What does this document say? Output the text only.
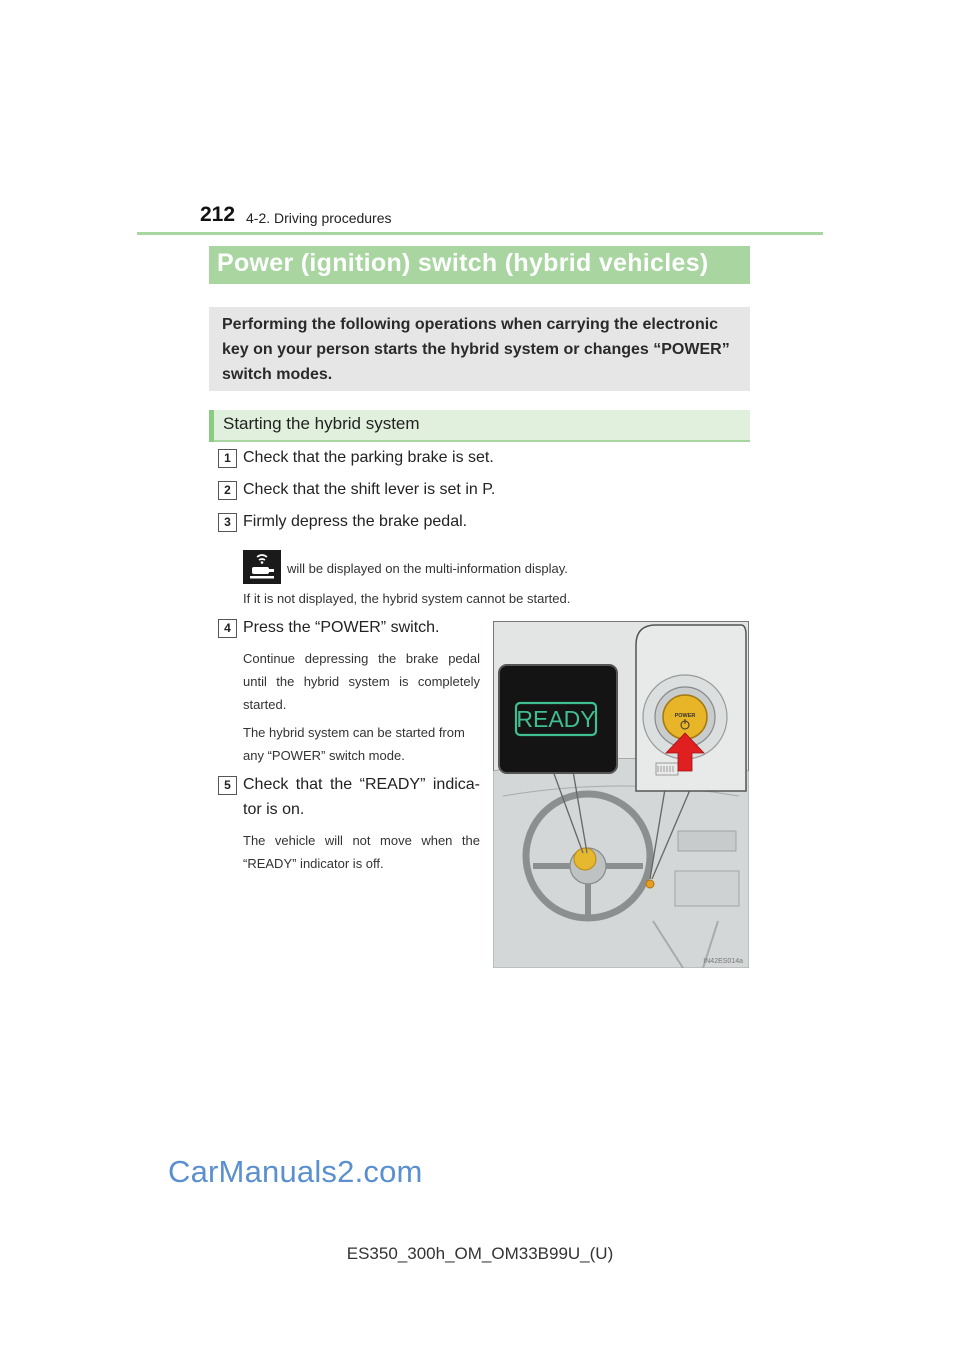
212 4-2. Driving procedures
Power (ignition) switch (hybrid vehicles)
Performing the following operations when carrying the electronic key on your person starts the hybrid system or changes “POWER” switch modes.
Starting the hybrid system
1 Check that the parking brake is set.
2 Check that the shift lever is set in P.
3 Firmly depress the brake pedal.
will be displayed on the multi-information display.
If it is not displayed, the hybrid system cannot be started.
4 Press the “POWER” switch.
Continue depressing the brake pedal until the hybrid system is completely started.
The hybrid system can be started from any “POWER” switch mode.
5 Check that the “READY” indica-
tor is on.
The vehicle will not move when the “READY” indicator is off.
READY	POWER
IN42ES014a
CarManuals2.com
ES350_300h_OM_OM33B99U_(U)
